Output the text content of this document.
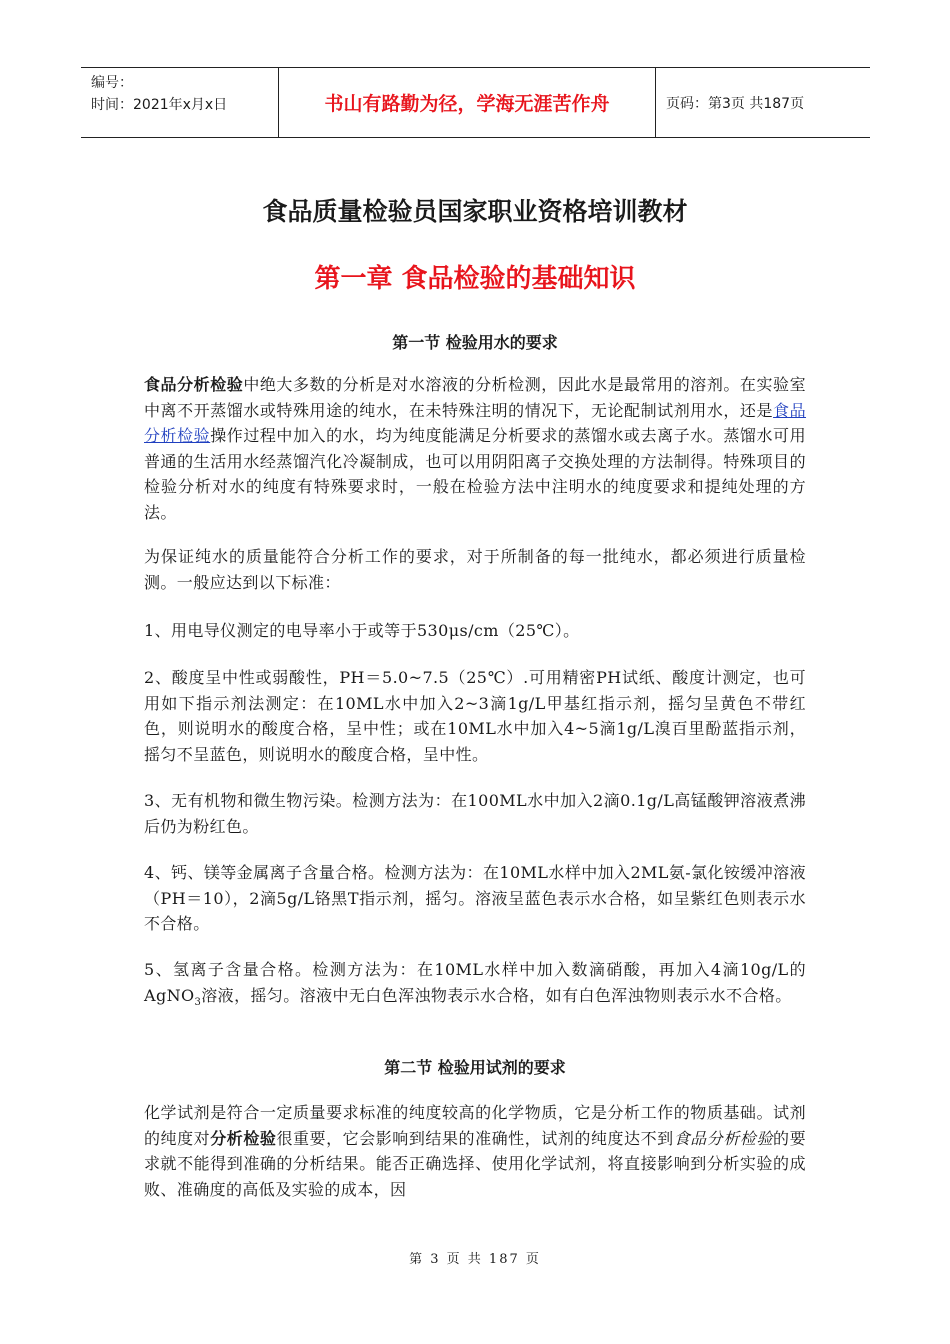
编号：
时间：2021年x月x日	书山有路勤为径，学海无涯苦作舟	页码：第3页 共187页
食品质量检验员国家职业资格培训教材
第一章 食品检验的基础知识
第一节 检验用水的要求
食品分析检验中绝大多数的分析是对水溶液的分析检测，因此水是最常用的溶剂。在实验室中离不开蒸馏水或特殊用途的纯水，在未特殊注明的情况下，无论配制试剂用水，还是食品分析检验操作过程中加入的水，均为纯度能满足分析要求的蒸馏水或去离子水。蒸馏水可用普通的生活用水经蒸馏汽化冷凝制成，也可以用阴阳离子交换处理的方法制得。特殊项目的检验分析对水的纯度有特殊要求时，一般在检验方法中注明水的纯度要求和提纯处理的方法。
为保证纯水的质量能符合分析工作的要求，对于所制备的每一批纯水，都必须进行质量检测。一般应达到以下标准：
1、用电导仪测定的电导率小于或等于530μs/cm（25℃）。
2、酸度呈中性或弱酸性，PH＝5.0~7.5（25℃）.可用精密PH试纸、酸度计测定，也可用如下指示剂法测定：在10ML水中加入2~3滴1g/L甲基红指示剂，摇匀呈黄色不带红色，则说明水的酸度合格，呈中性；或在10ML水中加入4~5滴1g/L溴百里酚蓝指示剂，摇匀不呈蓝色，则说明水的酸度合格，呈中性。
3、无有机物和微生物污染。检测方法为：在100ML水中加入2滴0.1g/L高锰酸钾溶液煮沸后仍为粉红色。
4、钙、镁等金属离子含量合格。检测方法为：在10ML水样中加入2ML氨-氯化铵缓冲溶液（PH＝10），2滴5g/L铬黑T指示剂，摇匀。溶液呈蓝色表示水合格，如呈紫红色则表示水不合格。
5、氢离子含量合格。检测方法为：在10ML水样中加入数滴硝酸，再加入4滴10g/L的AgNO$_3$溶液，摇匀。溶液中无白色浑浊物表示水合格，如有白色浑浊物则表示水不合格。
第二节 检验用试剂的要求
化学试剂是符合一定质量要求标准的纯度较高的化学物质，它是分析工作的物质基础。试剂的纯度对分析检验很重要，它会影响到结果的准确性，试剂的纯度达不到食品分析检验的要求就不能得到准确的分析结果。能否正确选择、使用化学试剂，将直接影响到分析实验的成败、准确度的高低及实验的成本，因
第 3 页 共 187 页
